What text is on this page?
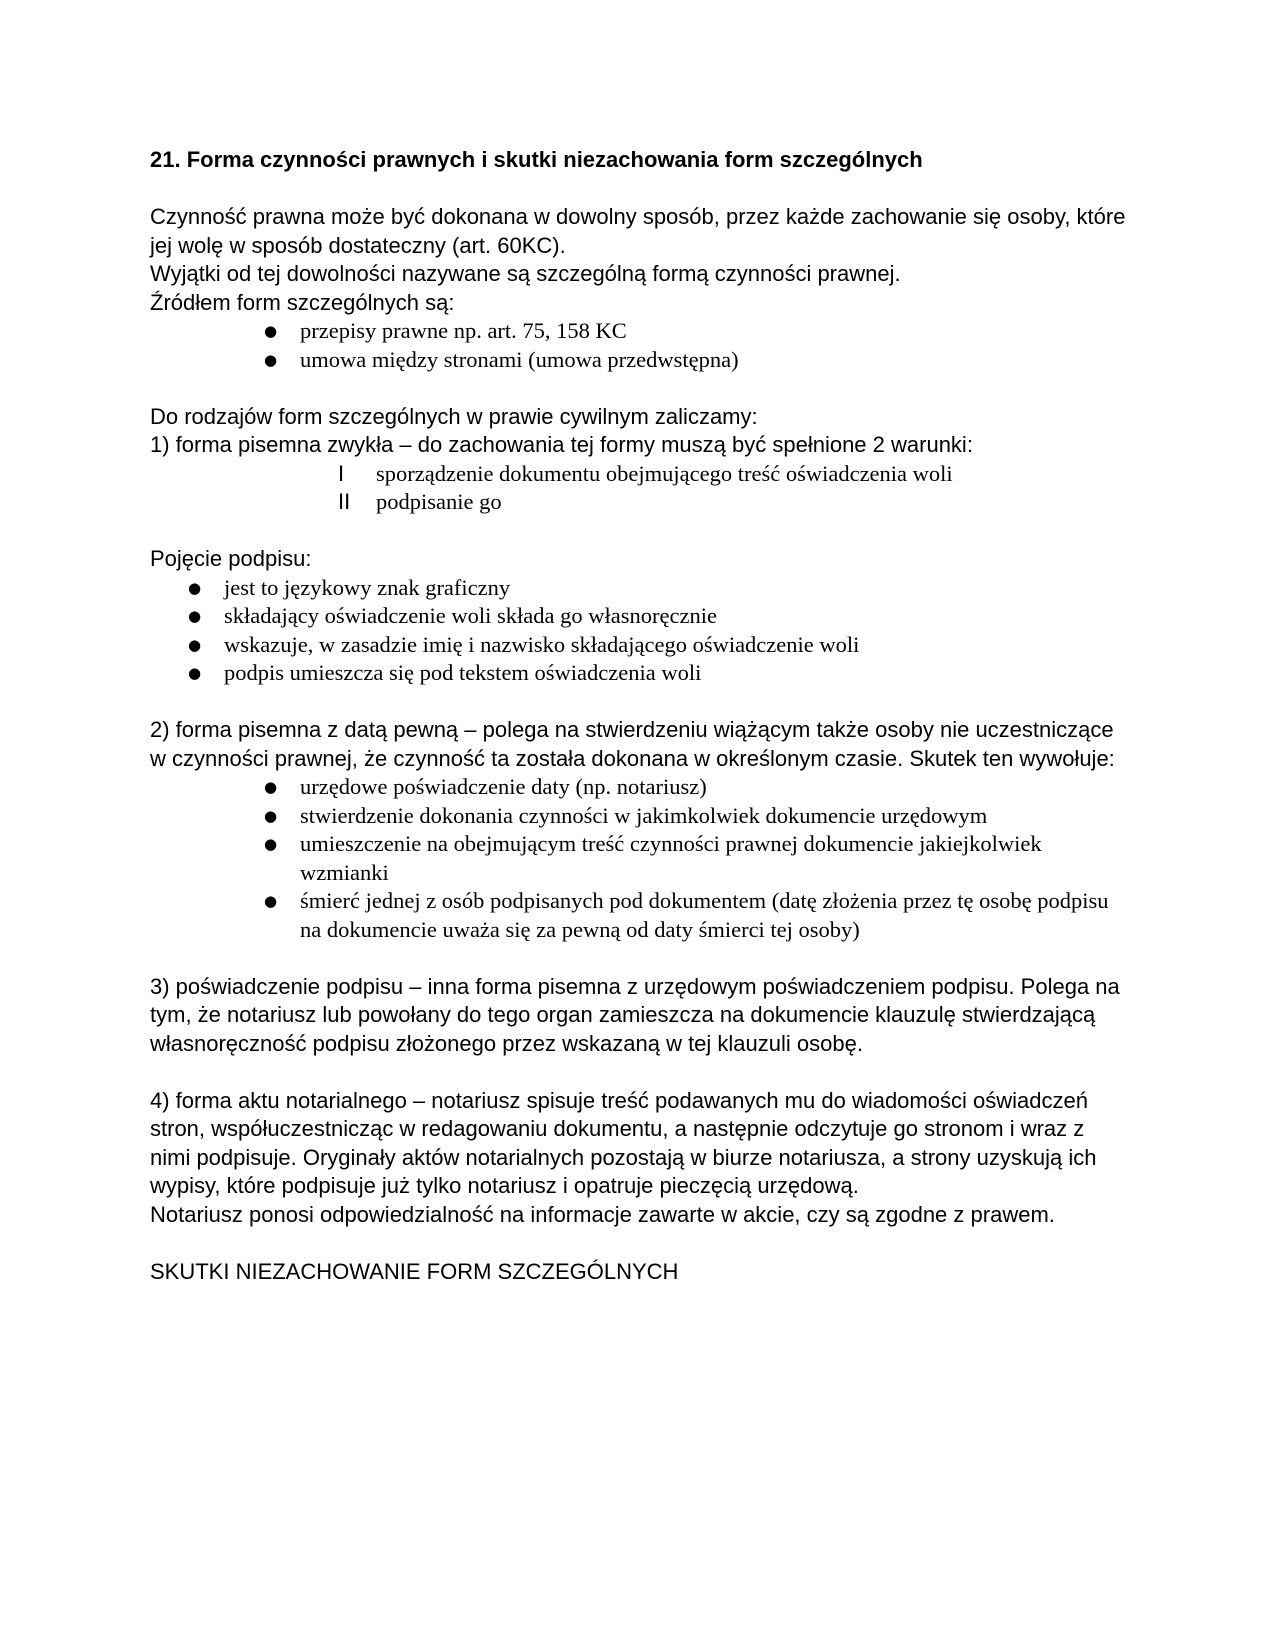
21. Forma czynności prawnych i skutki niezachowania form szczególnych

Czynność prawna może być dokonana w dowolny sposób, przez każde zachowanie się osoby, które jej wolę w sposób dostateczny (art. 60KC).

Wyjątki od tej dowolności nazywane są szczególną formą czynności prawnej.

Źródłem form szczególnych są:

●	przepisy prawne np. art. 75, 158 KC
●	umowa między stronami (umowa przedwstępna)

Do rodzajów form szczególnych w prawie cywilnym zaliczamy:

1) forma pisemna zwykła – do zachowania tej formy muszą być spełnione 2 warunki:

I	sporządzenie dokumentu obejmującego treść oświadczenia woli
II	podpisanie go

Pojęcie podpisu:

●	jest to językowy znak graficzny
●	składający oświadczenie woli składa go własnoręcznie
●	wskazuje, w zasadzie imię i nazwisko składającego oświadczenie woli
●	podpis umieszcza się pod tekstem oświadczenia woli

2) forma pisemna z datą pewną – polega na stwierdzeniu wiążącym także osoby nie uczestniczące w czynności prawnej, że czynność ta została dokonana w określonym czasie. Skutek ten wywołuje:

●	urzędowe poświadczenie daty (np. notariusz)
●	stwierdzenie dokonania czynności w jakimkolwiek dokumencie urzędowym
●	umieszczenie na obejmującym treść czynności prawnej dokumencie jakiejkolwiek wzmianki
●	śmierć jednej z osób podpisanych pod dokumentem (datę złożenia przez tę osobę podpisu na dokumencie uważa się za pewną od daty śmierci tej osoby)

3) poświadczenie podpisu – inna forma pisemna z urzędowym poświadczeniem podpisu. Polega na tym, że notariusz lub powołany do tego organ zamieszcza na dokumencie klauzulę stwierdzającą własnoręczność podpisu złożonego przez wskazaną w tej klauzuli osobę.

4) forma aktu notarialnego – notariusz spisuje treść podawanych mu do wiadomości oświadczeń stron, współuczestnicząc w redagowaniu dokumentu, a następnie odczytuje go stronom i wraz z nimi podpisuje. Oryginały aktów notarialnych pozostają w biurze notariusza, a strony uzyskują ich wypisy, które podpisuje już tylko notariusz i opatruje pieczęcią urzędową.

Notariusz ponosi odpowiedzialność na informacje zawarte w akcie, czy są zgodne z prawem.

SKUTKI NIEZACHOWANIE FORM SZCZEGÓLNYCH
